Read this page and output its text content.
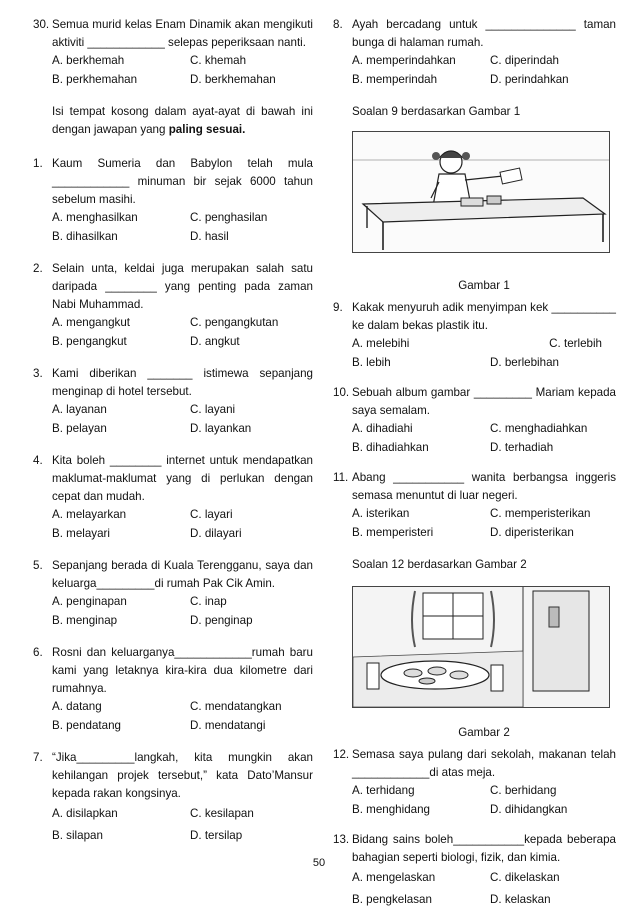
30. Semua murid kelas Enam Dinamik akan mengikuti aktiviti ____________ selepas peperiksaan nanti.
A. berkhemah	C. khemah
B. perkhemahan	D. berkhemahan
Isi tempat kosong dalam ayat-ayat di bawah ini dengan jawapan yang paling sesuai.
1. Kaum Sumeria dan Babylon telah mula ____________ minuman bir sejak 6000 tahun sebelum masihi.
A. menghasilkan	C. penghasilan
B. dihasilkan	D. hasil
2. Selain unta, keldai juga merupakan salah satu daripada ________ yang penting pada zaman Nabi Muhammad.
A. mengangkut	C. pengangkutan
B. pengangkut	D. angkut
3. Kami diberikan _______ istimewa sepanjang menginap di hotel tersebut.
A. layanan	C. layani
B. pelayan	D. layankan
4. Kita boleh ________ internet untuk mendapatkan maklumat-maklumat yang di perlukan dengan cepat dan mudah.
A. melayarkan	C. layari
B. melayari	D. dilayari
5. Sepanjang berada di Kuala Terengganu, saya dan keluarga_________di rumah Pak Cik Amin.
A. penginapan	C. inap
B. menginap	D. penginap
6. Rosni dan keluarganya____________rumah baru kami yang letaknya kira-kira dua kilometre dari rumahnya.
A. datang	C. mendatangkan
B. pendatang	D. mendatangi
7. “Jika_________langkah, kita mungkin akan kehilangan projek tersebut,” kata Dato’Mansur kepada rakan kongsinya.
A. disilapkan	C. kesilapan
B. silapan	D. tersilap
8. Ayah bercadang untuk ______________ taman bunga di halaman rumah.
A. memperindahkan	C. diperindah
B. memperindah	D. perindahkan
Soalan 9 berdasarkan Gambar 1
Gambar 1
9. Kakak menyuruh adik menyimpan kek __________ ke dalam bekas plastik itu.
A. melebihi	C. terlebih
B. lebih	D. berlebihan
10. Sebuah album gambar _________ Mariam kepada saya semalam.
A. dihadiahi	C. menghadiahkan
B. dihadiahkan	D. terhadiah
11. Abang ___________ wanita berbangsa inggeris semasa menuntut di luar negeri.
A. isterikan	C. memperisterikan
B. memperisteri	D. diperisterikan
Soalan 12 berdasarkan Gambar 2
Gambar 2
12. Semasa saya pulang dari sekolah, makanan telah ____________di atas meja.
A. terhidang	C. berhidang
B. menghidang	D. dihidangkan
13. Bidang sains boleh___________kepada beberapa bahagian seperti biologi, fizik, dan kimia.
A. mengelaskan	C. dikelaskan
B. pengkelasan	D. kelaskan
50
